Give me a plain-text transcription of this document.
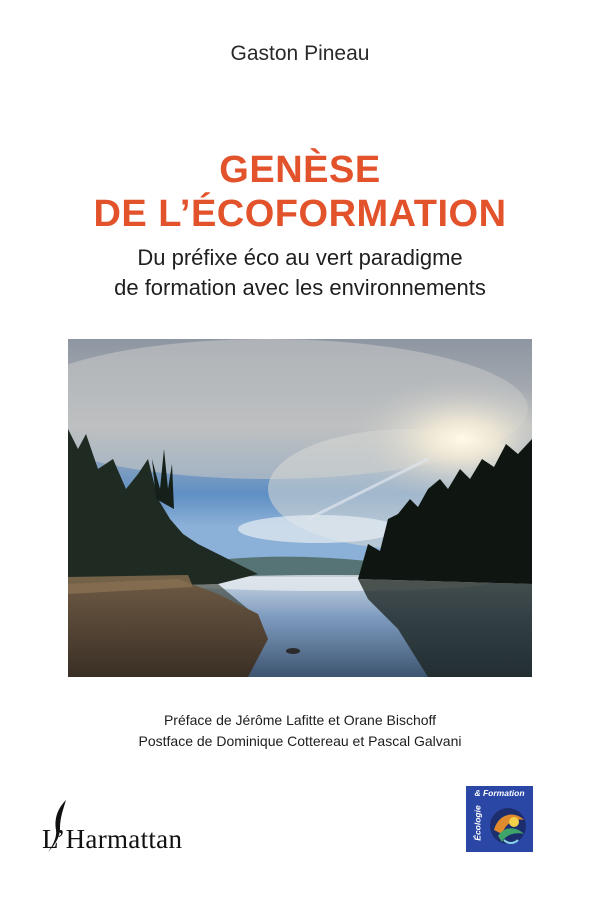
Gaston Pineau
GENÈSE
DE L’ÉCOFORMATION
Du préfixe éco au vert paradigme
de formation avec les environnements
Préface de Jérôme Lafitte et Orane Bischoff
Postface de Dominique Cottereau et Pascal Galvani
L’Harmattan
& Formation
Écologie
